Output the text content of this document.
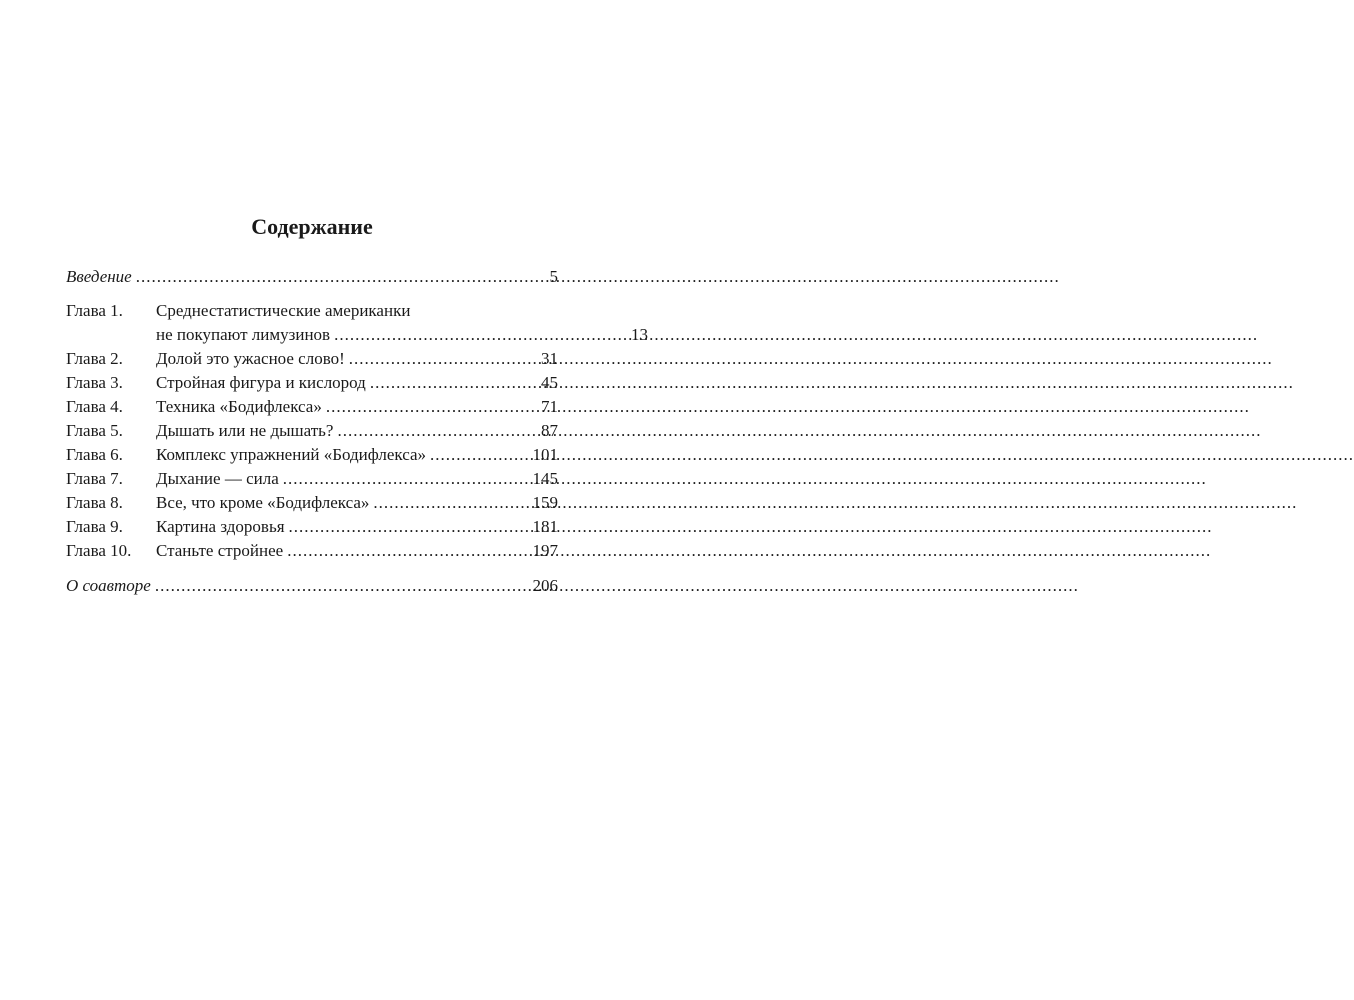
Содержание
Введение .....	5
Глава 1.	Среднестатистические американки
не покупают лимузинов .....	13
Глава 2.	Долой это ужасное слово! .....	31
Глава 3.	Стройная фигура и кислород .....	45
Глава 4.	Техника «Бодифлекса» .....	71
Глава 5.	Дышать или не дышать? .....	87
Глава 6.	Комплекс упражнений «Бодифлекса» .....	101
Глава 7.	Дыхание — сила .....	145
Глава 8.	Все, что кроме «Бодифлекса» .....	159
Глава 9.	Картина здоровья .....	181
Глава 10.	Станьте стройнее .....	197
О соавторе .....	206
